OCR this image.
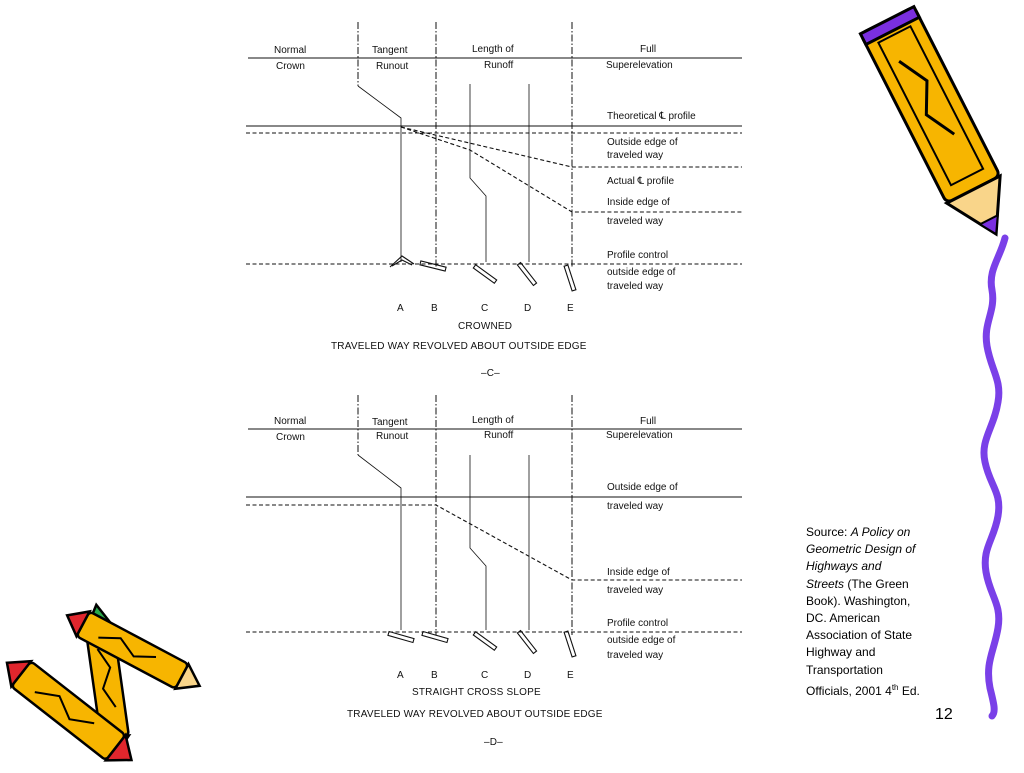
Normal
Crown
Tangent
Runout
Length of
Runoff
Full
Superelevation
Theoretical ℄ profile
Outside edge of
traveled way
Actual ℄ profile
Inside edge of
traveled way
Profile control
outside edge of
traveled way
A	B	C	D	E
CROWNED
TRAVELED WAY REVOLVED ABOUT OUTSIDE EDGE
–C–
Normal
Crown
Tangent
Runout
Length of
Runoff
Full
Superelevation
Outside edge of
traveled way
Inside edge of
traveled way
Profile control
outside edge of
traveled way
A	B	C	D	E
STRAIGHT CROSS SLOPE
TRAVELED WAY REVOLVED ABOUT OUTSIDE EDGE
–D–
Source: A Policy on Geometric Design of Highways and Streets (The Green Book). Washington, DC. American Association of State Highway and Transportation Officials, 2001 4th Ed.
12
